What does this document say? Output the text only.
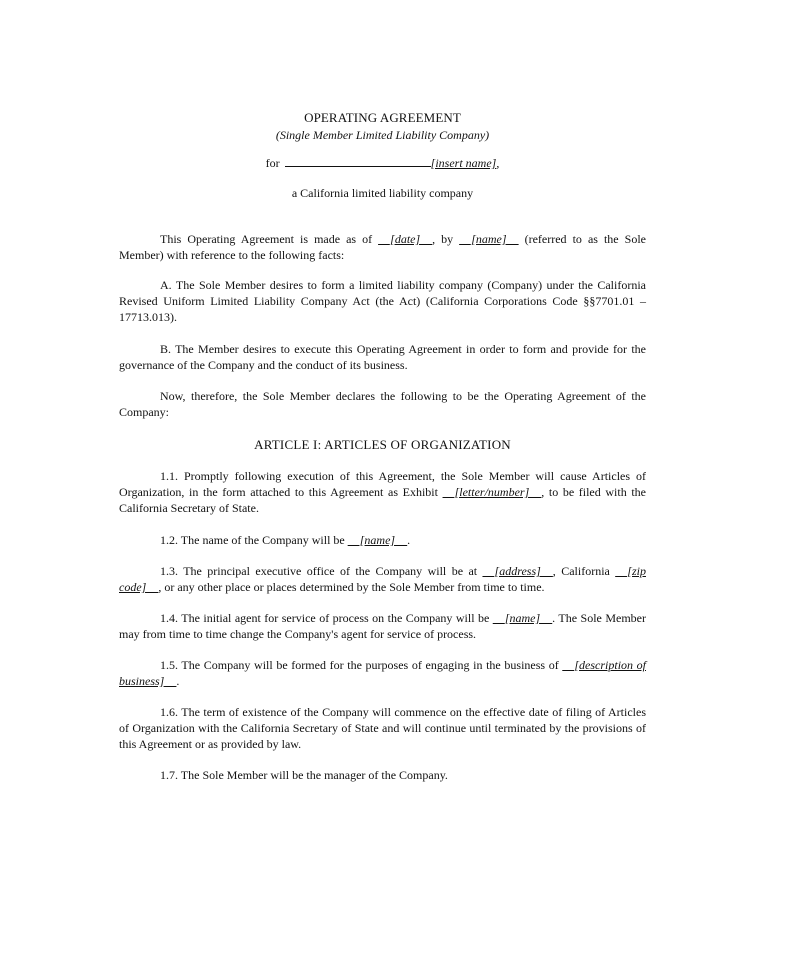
OPERATING AGREEMENT
(Single Member Limited Liability Company)
for	[insert name],
a California limited liability company

This Operating Agreement is made as of __[date]__, by __[name]__ (referred to as the Sole Member) with reference to the following facts:

A. The Sole Member desires to form a limited liability company (Company) under the California Revised Uniform Limited Liability Company Act (the Act) (California Corporations Code §§7701.01 – 17713.013).

B. The Member desires to execute this Operating Agreement in order to form and provide for the governance of the Company and the conduct of its business.

Now, therefore, the Sole Member declares the following to be the Operating Agreement of the Company:

ARTICLE I: ARTICLES OF ORGANIZATION

1.1. Promptly following execution of this Agreement, the Sole Member will cause Articles of Organization, in the form attached to this Agreement as Exhibit __[letter/number]__, to be filed with the California Secretary of State.

1.2. The name of the Company will be __[name]__.

1.3. The principal executive office of the Company will be at __[address]__, California __[zip code]__, or any other place or places determined by the Sole Member from time to time.

1.4. The initial agent for service of process on the Company will be __[name]__. The Sole Member may from time to time change the Company's agent for service of process.

1.5. The Company will be formed for the purposes of engaging in the business of __[description of business]__.

1.6. The term of existence of the Company will commence on the effective date of filing of Articles of Organization with the California Secretary of State and will continue until terminated by the provisions of this Agreement or as provided by law.

1.7. The Sole Member will be the manager of the Company.
